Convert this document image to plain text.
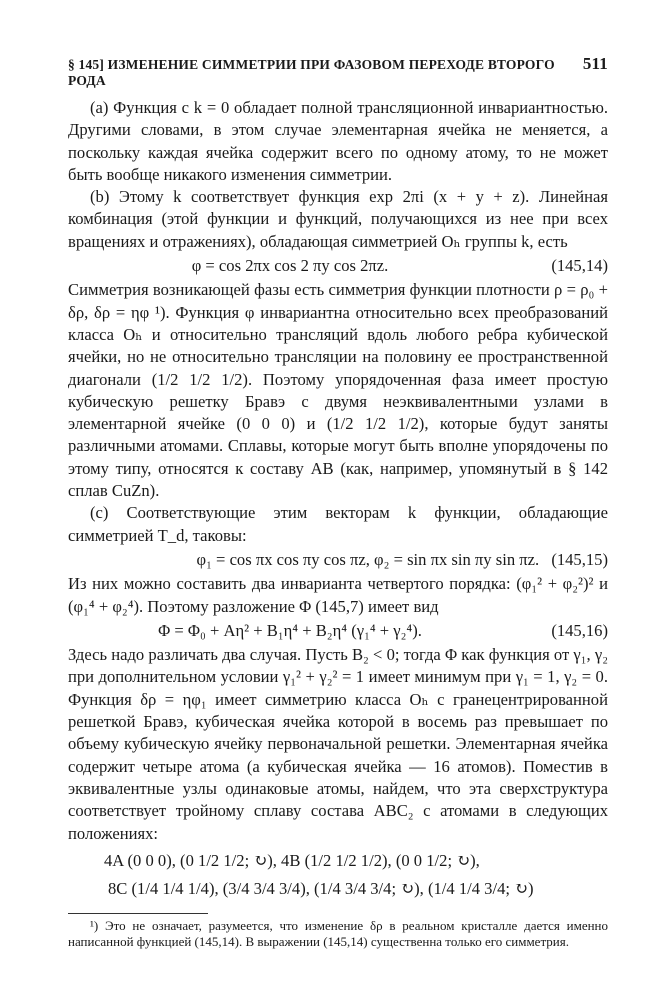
§ 145] ИЗМЕНЕНИЕ СИММЕТРИИ ПРИ ФАЗОВОМ ПЕРЕХОДЕ ВТОРОГО РОДА
511

(a) Функция с k = 0 обладает полной трансляционной инвариантностью. Другими словами, в этом случае элементарная ячейка не меняется, а поскольку каждая ячейка содержит всего по одному атому, то не может быть вообще никакого изменения симметрии.

(b) Этому k соответствует функция exp 2πi (x + y + z). Линейная комбинация (этой функции и функций, получающихся из нее при всех вращениях и отражениях), обладающая симметрией Oₕ группы k, есть

φ = cos 2πx cos 2 πy cos 2πz.	(145,14)

Симметрия возникающей фазы есть симметрия функции плотности ρ = ρ₀ + δρ, δρ = ηφ ¹). Функция φ инвариантна относительно всех преобразований класса Oₕ и относительно трансляций вдоль любого ребра кубической ячейки, но не относительно трансляции на половину ее пространственной диагонали (1/2 1/2 1/2). Поэтому упорядоченная фаза имеет простую кубическую решетку Бравэ с двумя неэквивалентными узлами в элементарной ячейке (0 0 0) и (1/2 1/2 1/2), которые будут заняты различными атомами. Сплавы, которые могут быть вполне упорядочены по этому типу, относятся к составу AB (как, например, упомянутый в § 142 сплав CuZn).

(c) Соответствующие этим векторам k функции, обладающие симметрией T_d, таковы:

φ₁ = cos πx cos πy cos πz, φ₂ = sin πx sin πy sin πz. (145,15)

Из них можно составить два инварианта четвертого порядка: (φ₁² + φ₂²)² и (φ₁⁴ + φ₂⁴). Поэтому разложение Φ (145,7) имеет вид

Φ = Φ₀ + Aη² + B₁η⁴ + B₂η⁴ (γ₁⁴ + γ₂⁴).	(145,16)

Здесь надо различать два случая. Пусть B₂ < 0; тогда Φ как функция от γ₁, γ₂ при дополнительном условии γ₁² + γ₂² = 1 имеет минимум при γ₁ = 1, γ₂ = 0. Функция δρ = ηφ₁ имеет симметрию класса Oₕ с гранецентрированной решеткой Бравэ, кубическая ячейка которой в восемь раз превышает по объему кубическую ячейку первоначальной решетки. Элементарная ячейка содержит четыре атома (а кубическая ячейка — 16 атомов). Поместив в эквивалентные узлы одинаковые атомы, найдем, что эта сверхструктура соответствует тройному сплаву состава ABC₂ с атомами в следующих положениях:

4A (0 0 0), (0 1/2 1/2; ↻), 4B (1/2 1/2 1/2), (0 0 1/2; ↻),
8C (1/4 1/4 1/4), (3/4 3/4 3/4), (1/4 3/4 3/4; ↻), (1/4 1/4 3/4; ↻)

¹) Это не означает, разумеется, что изменение δρ в реальном кристалле дается именно написанной функцией (145,14). В выражении (145,14) существенна только его симметрия.
